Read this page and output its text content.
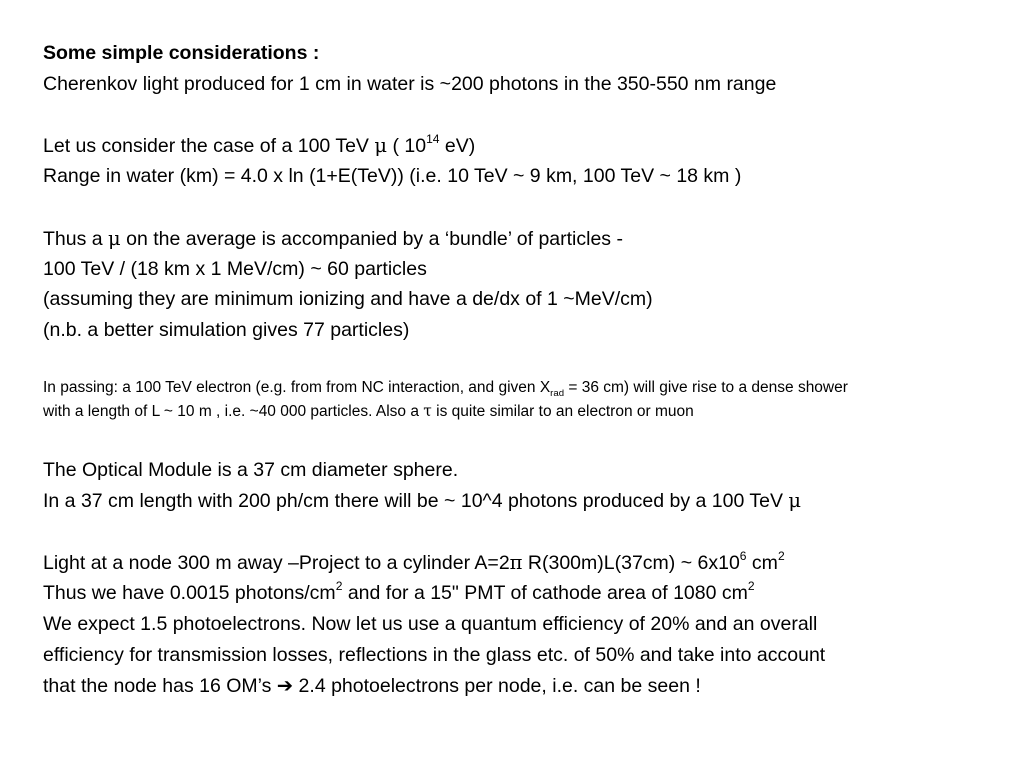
Some simple considerations :
Cherenkov light produced for 1 cm in water is ~200 photons in the 350-550 nm range
Let us consider the case of a 100 TeV μ ( $10^{14}$ eV)
Range in water (km) = 4.0 x ln (1+E(TeV)) (i.e. 10 TeV ~ 9 km, 100 TeV ~ 18 km )
Thus a μ on the average is accompanied by a ‘bundle’ of particles -
100 TeV / (18 km x 1 MeV/cm) ~ 60 particles
(assuming they are minimum ionizing and have a de/dx of 1 ~MeV/cm)
(n.b. a better simulation gives 77 particles)
In passing: a 100 TeV electron (e.g. from from NC interaction, and given $X_{rad} = 36$ cm) will give rise to a dense shower
with a length of L ~ 10 m , i.e. ~40 000 particles. Also a τ is quite similar to an electron or muon
The Optical Module is a 37 cm diameter sphere.
In a 37 cm length with 200 ph/cm there will be ~ 10^4 photons produced by a 100 TeV μ
Light at a node 300 m away –Project to a cylinder A=2π R(300m)L(37cm) ~ $6x10^6$ $cm^2$
Thus we have 0.0015 photons/$cm^2$ and for a 15" PMT of cathode area of 1080 $cm^2$
We expect 1.5 photoelectrons. Now let us use a quantum efficiency of 20% and an overall
efficiency for transmission losses, reflections in the glass etc. of 50% and take into account
that the node has 16 OM’s ➔ 2.4 photoelectrons per node, i.e. can be seen !
